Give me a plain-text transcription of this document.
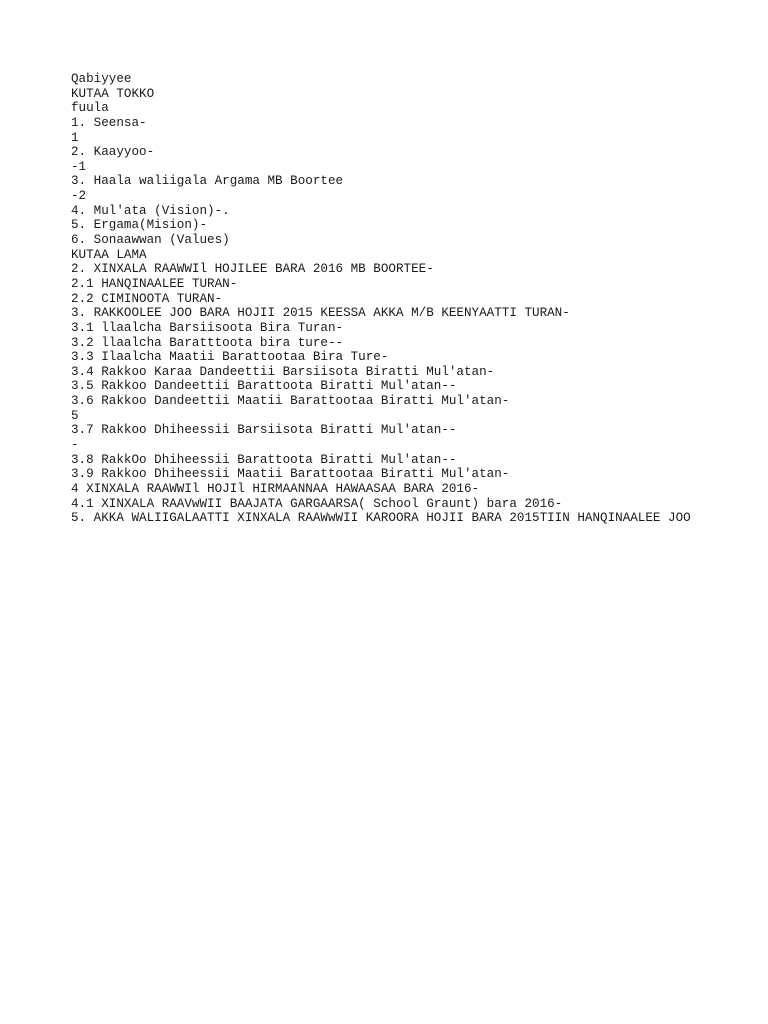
Qabiyyee
KUTAA TOKKO
fuula
1. Seensa-
1
2. Kaayyoo-
-1
3. Haala waliigala Argama MB Boortee
-2
4. Mul'ata (Vision)-.
5. Ergama(Mision)-
6. Sonaawwan (Values)
KUTAA LAMA
2. XINXALA RAAWWIl HOJILEE BARA 2016 MB BOORTEE-
2.1 HANQINAALEE TURAN-
2.2 CIMINOOTA TURAN-
3. RAKKOOLEE JOO BARA HOJII 2015 KEESSA AKKA M/B KEENYAATTI TURAN-
3.1 llaalcha Barsiisoota Bira Turan-
3.2 llaalcha Baratttoota bira ture--
3.3 Ilaalcha Maatii Barattootaa Bira Ture-
3.4 Rakkoo Karaa Dandeettii Barsiisota Biratti Mul'atan-
3.5 Rakkoo Dandeettii Barattoota Biratti Mul'atan--
3.6 Rakkoo Dandeettii Maatii Barattootaa Biratti Mul'atan-
5
3.7 Rakkoo Dhiheessii Barsiisota Biratti Mul'atan--
-
3.8 RakkOo Dhiheessii Barattoota Biratti Mul'atan--
3.9 Rakkoo Dhiheessii Maatii Barattootaa Biratti Mul'atan-
4 XINXALA RAAWWIl HOJIl HIRMAANNAA HAWAASAA BARA 2016-
4.1 XINXALA RAAVwWII BAAJATA GARGAARSA( School Graunt) bara 2016-
5. AKKA WALIIGALAATTI XINXALA RAAWwWII KAROORA HOJII BARA 2015TIIN HANQINAALEE JOO
